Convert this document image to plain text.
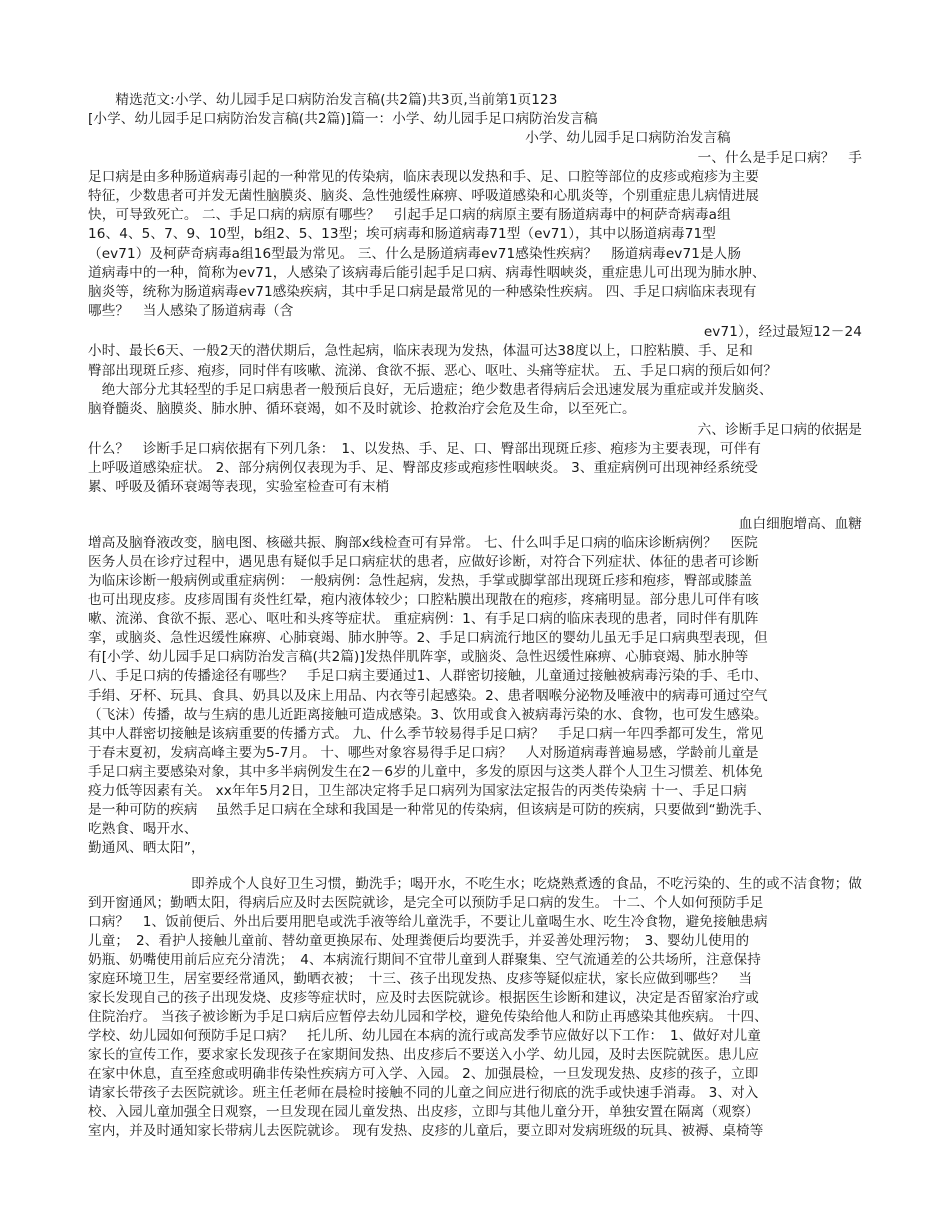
　　精选范文:小学、幼儿园手足口病防治发言稿(共2篇)共3页,当前第1页123
[小学、幼儿园手足口病防治发言稿(共2篇)]篇一：小学、幼儿园手足口病防治发言稿
小学、幼儿园手足口病防治发言稿
一、什么是手足口病？　手
足口病是由多种肠道病毒引起的一种常见的传染病，临床表现以发热和手、足、口腔等部位的皮疹或疱疹为主要
特征，少数患者可并发无菌性脑膜炎、脑炎、急性弛缓性麻痹、呼吸道感染和心肌炎等，个别重症患儿病情进展
快，可导致死亡。 二、手足口病的病原有哪些？　引起手足口病的病原主要有肠道病毒中的柯萨奇病毒a组
16、4、5、7、9、10型，b组2、5、13型；埃可病毒和肠道病毒71型（ev71），其中以肠道病毒71型
（ev71）及柯萨奇病毒a组16型最为常见。 三、什么是肠道病毒ev71感染性疾病？　肠道病毒ev71是人肠
道病毒中的一种，简称为ev71，人感染了该病毒后能引起手足口病、病毒性咽峡炎，重症患儿可出现为肺水肿、
脑炎等，统称为肠道病毒ev71感染疾病，其中手足口病是最常见的一种感染性疾病。 四、手足口病临床表现有
哪些？　当人感染了肠道病毒（含
ev71），经过最短12－24
小时、最长6天、一般2天的潜伏期后，急性起病，临床表现为发热，体温可达38度以上，口腔粘膜、手、足和
臀部出现斑丘疹、疱疹，同时伴有咳嗽、流涕、食欲不振、恶心、呕吐、头痛等症状。 五、手足口病的预后如何？
　绝大部分尤其轻型的手足口病患者一般预后良好，无后遗症；绝少数患者得病后会迅速发展为重症或并发脑炎、
脑脊髓炎、脑膜炎、肺水肿、循环衰竭，如不及时就诊、抢救治疗会危及生命，以至死亡。
六、诊断手足口病的依据是
什么？　诊断手足口病依据有下列几条：　1、以发热、手、足、口、臀部出现斑丘疹、疱疹为主要表现，可伴有
上呼吸道感染症状。 2、部分病例仅表现为手、足、臀部皮疹或疱疹性咽峡炎。 3、重症病例可出现神经系统受
累、呼吸及循环衰竭等表现，实验室检查可有末梢
血白细胞增高、血糖
增高及脑脊液改变，脑电图、核磁共振、胸部x线检查可有异常。 七、什么叫手足口病的临床诊断病例？　医院
医务人员在诊疗过程中，遇见患有疑似手足口病症状的患者，应做好诊断，对符合下列症状、体征的患者可诊断
为临床诊断一般病例或重症病例：　一般病例：急性起病，发热，手掌或脚掌部出现斑丘疹和疱疹，臀部或膝盖
也可出现皮疹。皮疹周围有炎性红晕，疱内液体较少；口腔粘膜出现散在的疱疹，疼痛明显。部分患儿可伴有咳
嗽、流涕、食欲不振、恶心、呕吐和头疼等症状。 重症病例：1、有手足口病的临床表现的患者，同时伴有肌阵
挛，或脑炎、急性迟缓性麻痹、心肺衰竭、肺水肿等。2、手足口病流行地区的婴幼儿虽无手足口病典型表现，但
有[小学、幼儿园手足口病防治发言稿(共2篇)]发热伴肌阵挛，或脑炎、急性迟缓性麻痹、心肺衰竭、肺水肿等
八、手足口病的传播途径有哪些？　手足口病主要通过1、人群密切接触，儿童通过接触被病毒污染的手、毛巾、
手绢、牙杯、玩具、食具、奶具以及床上用品、内衣等引起感染。2、患者咽喉分泌物及唾液中的病毒可通过空气
（飞沫）传播，故与生病的患儿近距离接触可造成感染。3、饮用或食入被病毒污染的水、食物，也可发生感染。
其中人群密切接触是该病重要的传播方式。 九、什么季节较易得手足口病？　手足口病一年四季都可发生，常见
于春末夏初，发病高峰主要为5-7月。 十、哪些对象容易得手足口病？　人对肠道病毒普遍易感，学龄前儿童是
手足口病主要感染对象，其中多半病例发生在2－6岁的儿童中，多发的原因与这类人群个人卫生习惯差、机体免
疫力低等因素有关。 xx年年5月2日，卫生部决定将手足口病列为国家法定报告的丙类传染病 十一、手足口病
是一种可防的疾病　 虽然手足口病在全球和我国是一种常见的传染病，但该病是可防的疾病，只要做到“勤洗手、
吃熟食、喝开水、
勤通风、晒太阳”，
即养成个人良好卫生习惯，勤洗手；喝开水，不吃生水；吃烧熟煮透的食品，不吃污染的、生的或不洁食物；做
到开窗通风；勤晒太阳，得病后应及时去医院就诊，是完全可以预防手足口病的发生。 十二、个人如何预防手足
口病？　1、饭前便后、外出后要用肥皂或洗手液等给儿童洗手，不要让儿童喝生水、吃生冷食物，避免接触患病
儿童；　2、看护人接触儿童前、替幼童更换尿布、处理粪便后均要洗手，并妥善处理污物；　3、婴幼儿使用的
奶瓶、奶嘴使用前后应充分清洗；　4、本病流行期间不宜带儿童到人群聚集、空气流通差的公共场所，注意保持
家庭环境卫生，居室要经常通风，勤晒衣被；　十三、孩子出现发热、皮疹等疑似症状，家长应做到哪些？　当
家长发现自己的孩子出现发烧、皮疹等症状时，应及时去医院就诊。根据医生诊断和建议，决定是否留家治疗或
住院治疗。 当孩子被诊断为手足口病后应暂停去幼儿园和学校，避免传染给他人和防止再感染其他疾病。 十四、
学校、幼儿园如何预防手足口病？　托儿所、幼儿园在本病的流行或高发季节应做好以下工作：　1、做好对儿童
家长的宣传工作，要求家长发现孩子在家期间发热、出皮疹后不要送入小学、幼儿园，及时去医院就医。患儿应
在家中休息，直至痊愈或明确非传染性疾病方可入学、入园。 2、加强晨检，一旦发现发热、皮疹的孩子，立即
请家长带孩子去医院就诊。班主任老师在晨检时接触不同的儿童之间应进行彻底的洗手或快速手消毒。 3、对入
校、入园儿童加强全日观察，一旦发现在园儿童发热、出皮疹，立即与其他儿童分开，单独安置在隔离（观察）
室内，并及时通知家长带病儿去医院就诊。 现有发热、皮疹的儿童后，要立即对发病班级的玩具、被褥、桌椅等
